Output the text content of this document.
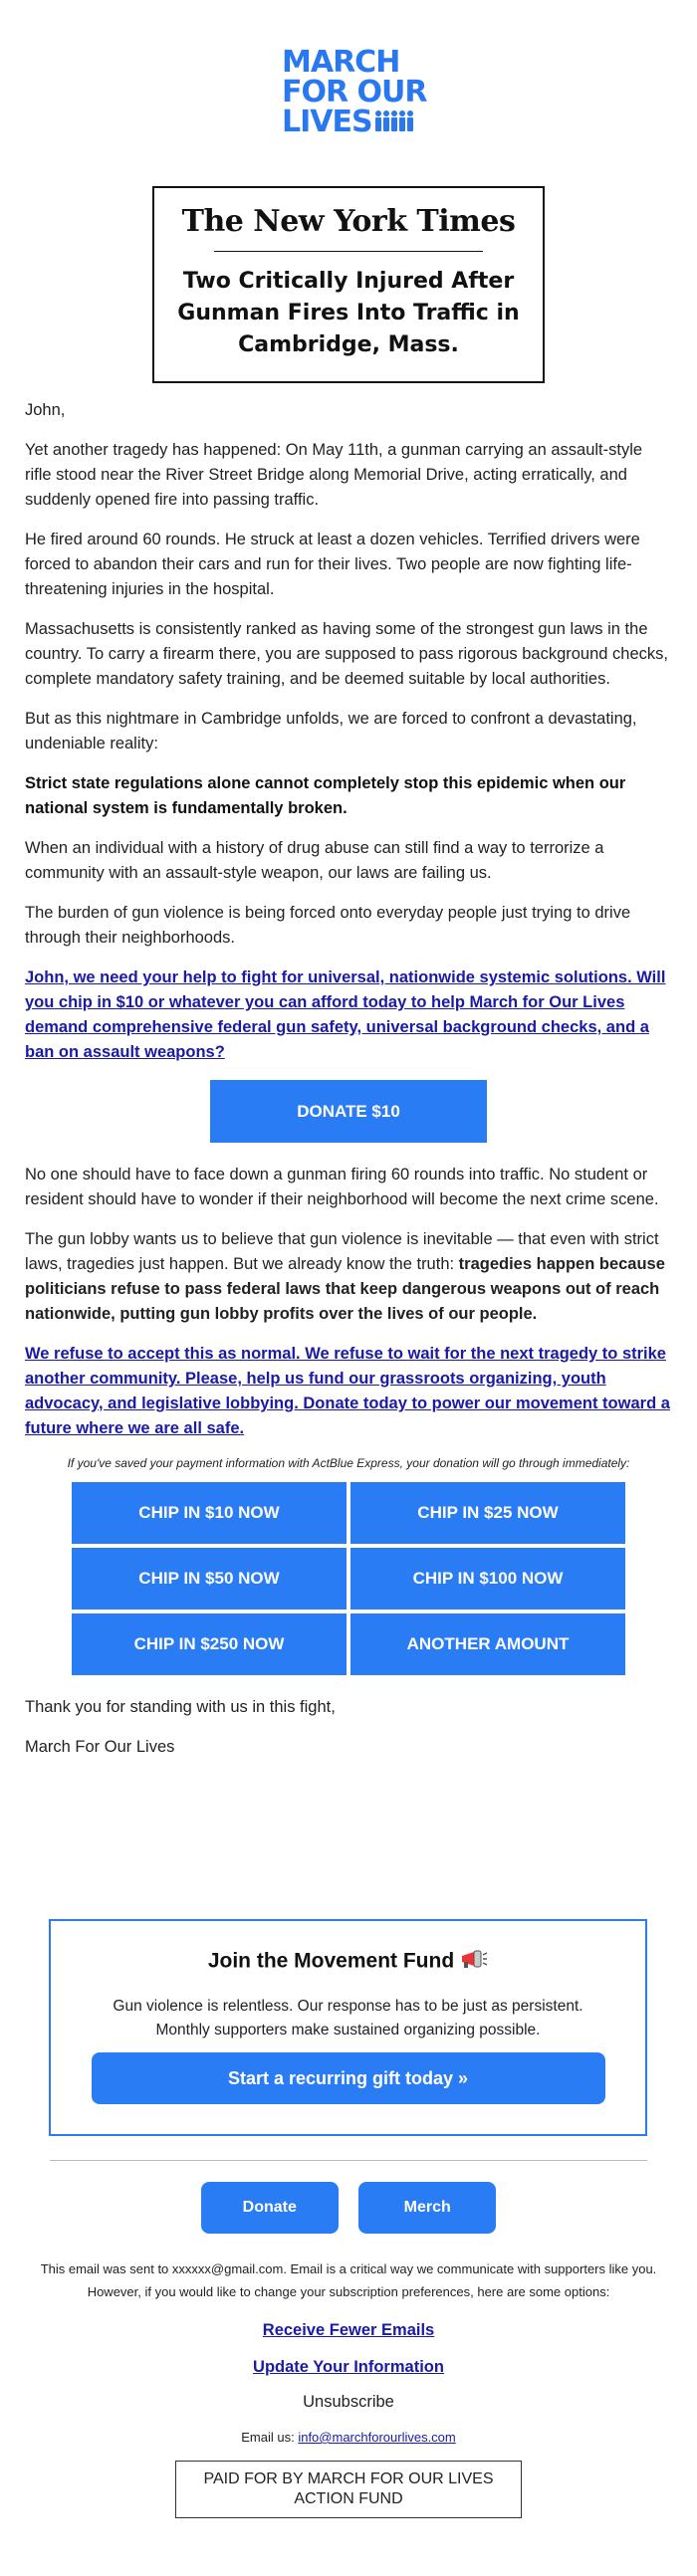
MARCH
FOR OUR
LIVES
The New York Times
Two Critically Injured After Gunman Fires Into Traffic in Cambridge, Mass.
John,
Yet another tragedy has happened: On May 11th, a gunman carrying an assault-style rifle stood near the River Street Bridge along Memorial Drive, acting erratically, and suddenly opened fire into passing traffic.
He fired around 60 rounds. He struck at least a dozen vehicles. Terrified drivers were forced to abandon their cars and run for their lives. Two people are now fighting life-threatening injuries in the hospital.
Massachusetts is consistently ranked as having some of the strongest gun laws in the country. To carry a firearm there, you are supposed to pass rigorous background checks, complete mandatory safety training, and be deemed suitable by local authorities.
But as this nightmare in Cambridge unfolds, we are forced to confront a devastating, undeniable reality:
Strict state regulations alone cannot completely stop this epidemic when our national system is fundamentally broken.
When an individual with a history of drug abuse can still find a way to terrorize a community with an assault-style weapon, our laws are failing us.
The burden of gun violence is being forced onto everyday people just trying to drive through their neighborhoods.
John, we need your help to fight for universal, nationwide systemic solutions. Will you chip in $10 or whatever you can afford today to help March for Our Lives demand comprehensive federal gun safety, universal background checks, and a ban on assault weapons?
DONATE $10
No one should have to face down a gunman firing 60 rounds into traffic. No student or resident should have to wonder if their neighborhood will become the next crime scene.
The gun lobby wants us to believe that gun violence is inevitable — that even with strict laws, tragedies just happen. But we already know the truth: tragedies happen because politicians refuse to pass federal laws that keep dangerous weapons out of reach nationwide, putting gun lobby profits over the lives of our people.
We refuse to accept this as normal. We refuse to wait for the next tragedy to strike another community. Please, help us fund our grassroots organizing, youth advocacy, and legislative lobbying. Donate today to power our movement toward a future where we are all safe.
If you've saved your payment information with ActBlue Express, your donation will go through immediately:
CHIP IN $10 NOW	CHIP IN $25 NOW
CHIP IN $50 NOW	CHIP IN $100 NOW
CHIP IN $250 NOW	ANOTHER AMOUNT
Thank you for standing with us in this fight,
March For Our Lives
Join the Movement Fund
Gun violence is relentless. Our response has to be just as persistent. Monthly supporters make sustained organizing possible.
Start a recurring gift today »
Donate	Merch
This email was sent to xxxxxx@gmail.com. Email is a critical way we communicate with supporters like you. However, if you would like to change your subscription preferences, here are some options:
Receive Fewer Emails
Update Your Information
Unsubscribe
Email us: info@marchforourlives.com
PAID FOR BY MARCH FOR OUR LIVES ACTION FUND
